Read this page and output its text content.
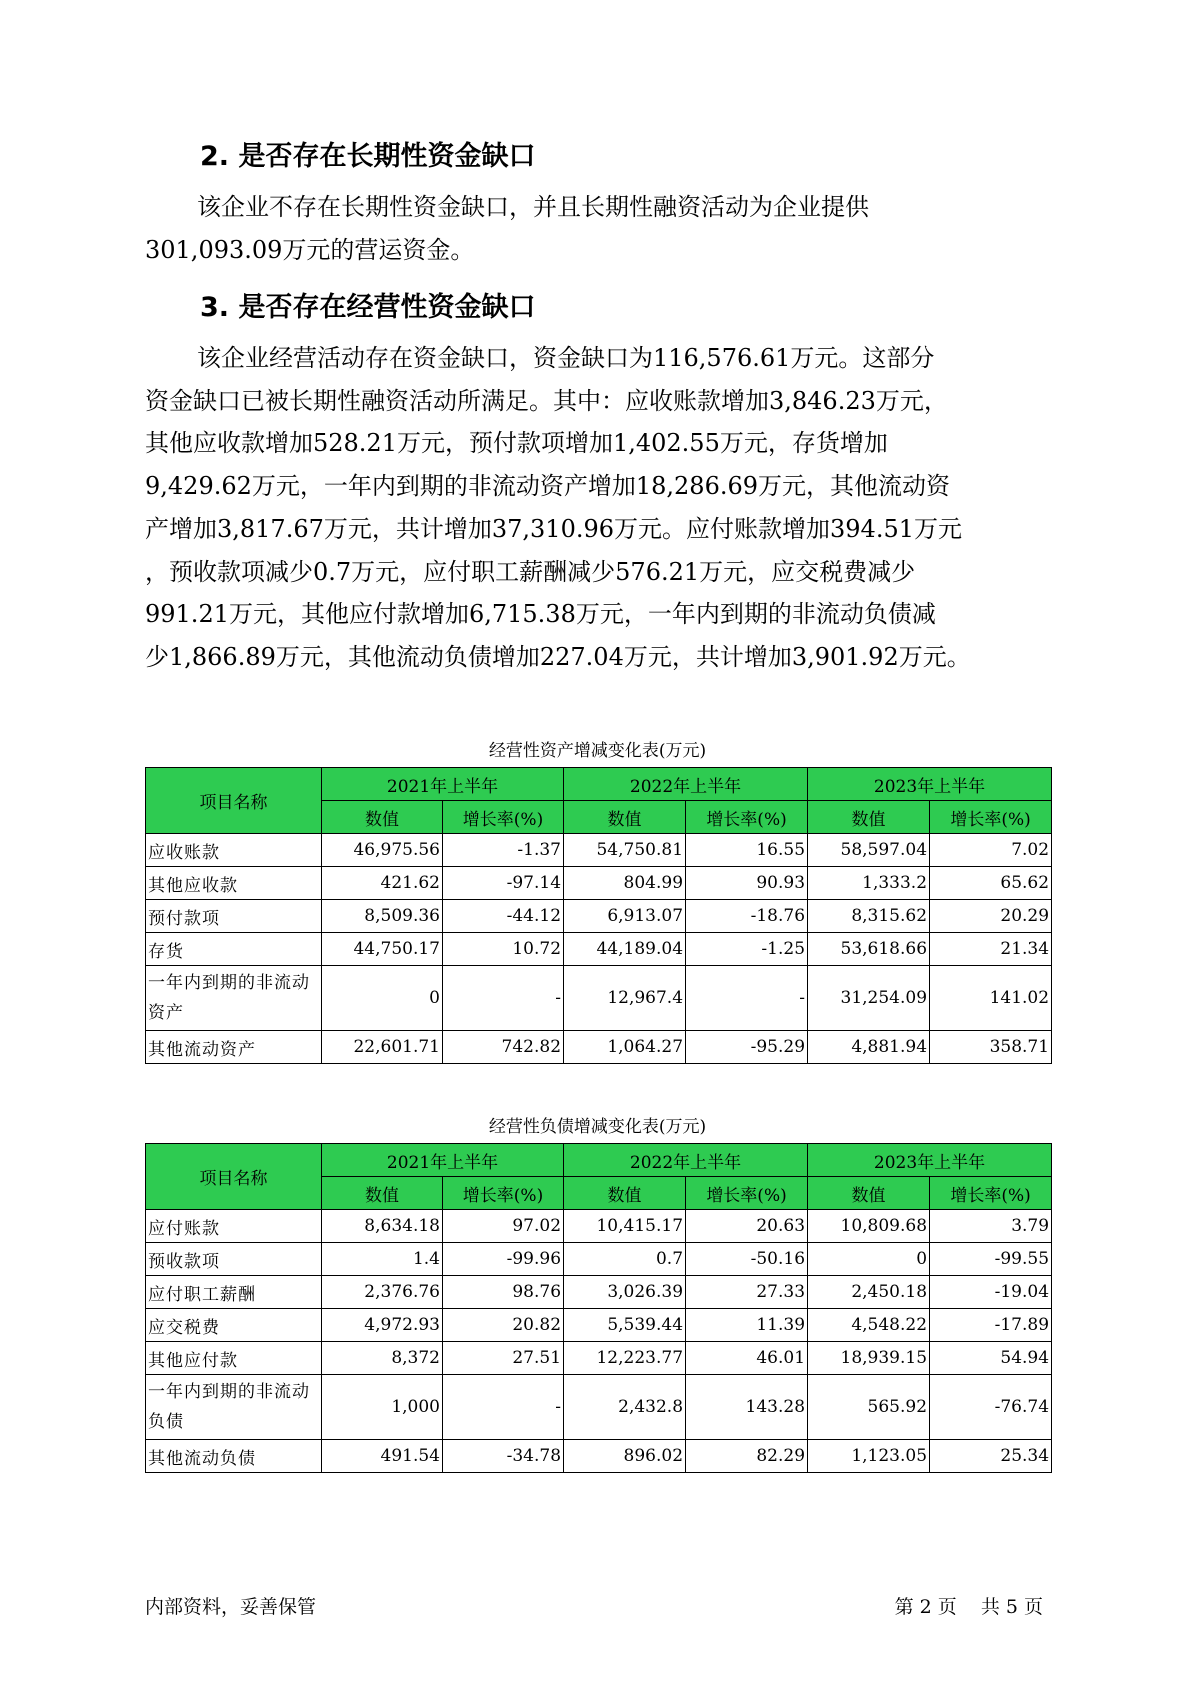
2. 是否存在长期性资金缺口
该企业不存在长期性资金缺口，并且长期性融资活动为企业提供
301,093.09万元的营运资金。
3. 是否存在经营性资金缺口
该企业经营活动存在资金缺口，资金缺口为116,576.61万元。这部分
资金缺口已被长期性融资活动所满足。其中：应收账款增加3,846.23万元，
其他应收款增加528.21万元，预付款项增加1,402.55万元，存货增加
9,429.62万元，一年内到期的非流动资产增加18,286.69万元，其他流动资
产增加3,817.67万元，共计增加37,310.96万元。应付账款增加394.51万元
，预收款项减少0.7万元，应付职工薪酬减少576.21万元，应交税费减少
991.21万元，其他应付款增加6,715.38万元，一年内到期的非流动负债减
少1,866.89万元，其他流动负债增加227.04万元，共计增加3,901.92万元。
经营性资产增减变化表(万元)
项目名称	2021年上半年		2022年上半年		2023年上半年	
	数值	增长率(%)	数值	增长率(%)	数值	增长率(%)
应收账款	46,975.56	-1.37	54,750.81	16.55	58,597.04	7.02
其他应收款	421.62	-97.14	804.99	90.93	1,333.2	65.62
预付款项	8,509.36	-44.12	6,913.07	-18.76	8,315.62	20.29
存货	44,750.17	10.72	44,189.04	-1.25	53,618.66	21.34
一年内到期的非流动资产	0	-	12,967.4	-	31,254.09	141.02
其他流动资产	22,601.71	742.82	1,064.27	-95.29	4,881.94	358.71
经营性负债增减变化表(万元)
项目名称	2021年上半年		2022年上半年		2023年上半年	
	数值	增长率(%)	数值	增长率(%)	数值	增长率(%)
应付账款	8,634.18	97.02	10,415.17	20.63	10,809.68	3.79
预收款项	1.4	-99.96	0.7	-50.16	0	-99.55
应付职工薪酬	2,376.76	98.76	3,026.39	27.33	2,450.18	-19.04
应交税费	4,972.93	20.82	5,539.44	11.39	4,548.22	-17.89
其他应付款	8,372	27.51	12,223.77	46.01	18,939.15	54.94
一年内到期的非流动负债	1,000	-	2,432.8	143.28	565.92	-76.74
其他流动负债	491.54	-34.78	896.02	82.29	1,123.05	25.34
内部资料，妥善保管	第 2 页 共 5 页
